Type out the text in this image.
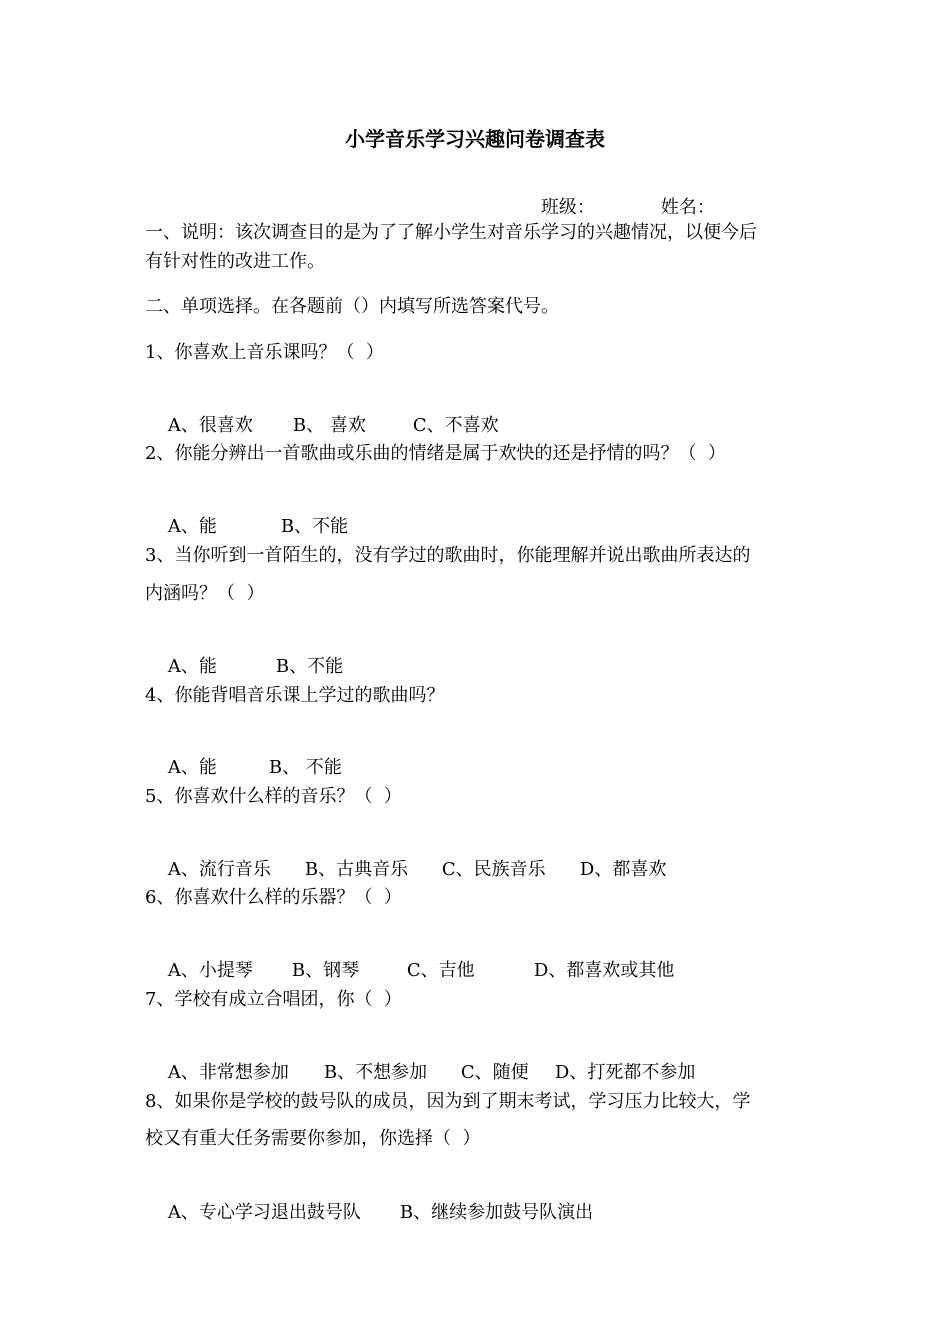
小学音乐学习兴趣问卷调查表

班级：	姓名：

一、说明：该次调查目的是为了了解小学生对音乐学习的兴趣情况，以便今后

有针对性的改进工作。

二、单项选择。在各题前（）内填写所选答案代号。

1、你喜欢上音乐课吗？（  ）

A、很喜欢 B、 喜欢	C、不喜欢

2、你能分辨出一首歌曲或乐曲的情绪是属于欢快的还是抒情的吗？（  ）

A、能	B、不能

3、当你听到一首陌生的，没有学过的歌曲时，你能理解并说出歌曲所表达的

内涵吗？（  ）

A、能	B、不能

4、你能背唱音乐课上学过的歌曲吗？

A、能	B、 不能

5、你喜欢什么样的音乐？（  ）

A、流行音乐 B、古典音乐 C、民族音乐 D、都喜欢

6、你喜欢什么样的乐器？（  ）

A、小提琴 B、钢琴	C、吉他	D、都喜欢或其他

7、学校有成立合唱团，你（  ）

A、非常想参加 B、不想参加 C、随便 D、打死都不参加

8、如果你是学校的鼓号队的成员，因为到了期末考试，学习压力比较大，学

校又有重大任务需要你参加，你选择（  ）

A、专心学习退出鼓号队 B、继续参加鼓号队演出
